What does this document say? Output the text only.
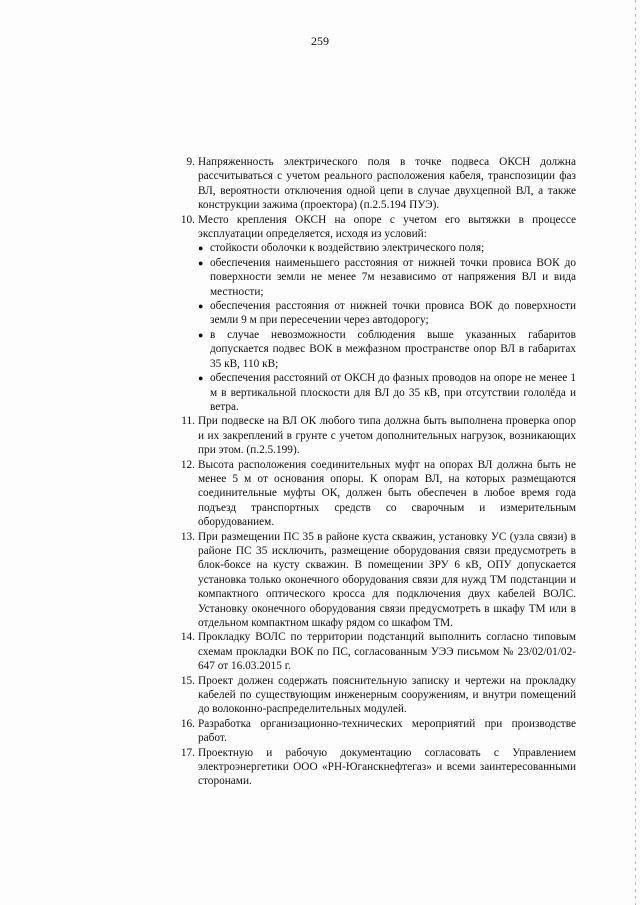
259
9. Напряженность электрического поля в точке подвеса ОКСН должна рассчитываться с учетом реального расположения кабеля, транспозиции фаз ВЛ, вероятности отключения одной цепи в случае двухцепной ВЛ, а также конструкции зажима (проектора) (п.2.5.194 ПУЭ).
10. Место крепления ОКСН на опоре с учетом его вытяжки в процессе эксплуатации определяется, исходя из условий:
● стойкости оболочки к воздействию электрического поля;
● обеспечения наименьшего расстояния от нижней точки провиса ВОК до поверхности земли не менее 7м независимо от напряжения ВЛ и вида местности;
● обеспечения расстояния от нижней точки провиса ВОК до поверхности земли 9 м при пересечении через автодорогу;
● в случае невозможности соблюдения выше указанных габаритов допускается подвес ВОК в межфазном пространстве опор ВЛ в габаритах 35 кВ, 110 кВ;
● обеспечения расстояний от ОКСН до фазных проводов на опоре не менее 1 м в вертикальной плоскости для ВЛ до 35 кВ, при отсутствии гололёда и ветра.
11. При подвеске на ВЛ ОК любого типа должна быть выполнена проверка опор и их закреплений в грунте с учетом дополнительных нагрузок, возникающих при этом. (п.2.5.199).
12. Высота расположения соединительных муфт на опорах ВЛ должна быть не менее 5 м от основания опоры. К опорам ВЛ, на которых размещаются соединительные муфты ОК, должен быть обеспечен в любое время года подъезд транспортных средств со сварочным и измерительным оборудованием.
13. При размещении ПС 35 в районе куста скважин, установку УС (узла связи) в районе ПС 35 исключить, размещение оборудования связи предусмотреть в блок-боксе на кусту скважин. В помещении ЗРУ 6 кВ, ОПУ допускается установка только оконечного оборудования связи для нужд ТМ подстанции и компактного оптического кросса для подключения двух кабелей ВОЛС. Установку оконечного оборудования связи предусмотреть в шкафу ТМ или в отдельном компактном шкафу рядом со шкафом ТМ.
14. Прокладку ВОЛС по территории подстанций выполнить согласно типовым схемам прокладки ВОК по ПС, согласованным УЭЭ письмом № 23/02/01/02-647 от 16.03.2015 г.
15. Проект должен содержать пояснительную записку и чертежи на прокладку кабелей по существующим инженерным сооружениям, и внутри помещений до волоконно-распределительных модулей.
16. Разработка организационно-технических мероприятий при производстве работ.
17. Проектную и рабочую документацию согласовать с Управлением электроэнергетики ООО «РН-Юганскнефтегаз» и всеми заинтересованными сторонами.
